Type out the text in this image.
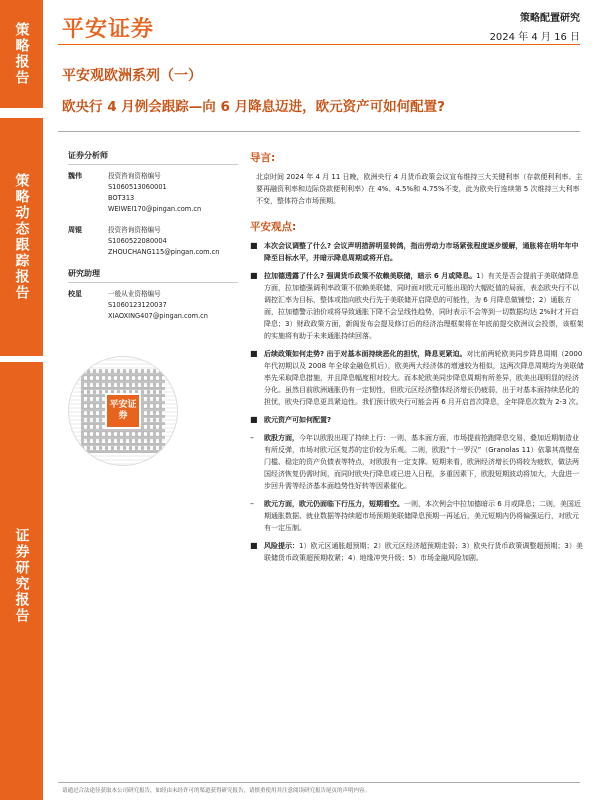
策略报告
策略动态跟踪报告
证券研究报告
平安证券	策略配置研究
2024 年 4 月 16 日
平安观欧洲系列（一）
欧央行 4 月例会跟踪—向 6 月降息迈进，欧元资产可如何配置?
证券分析师
魏伟	投资咨询资格编号
S1060513060001
BOT313
WEIWEI170@pingan.com.cn
周锟	投资咨询资格编号
S1060522080004
ZHOUCHANG115@pingan.com.cn
研究助理
校星	一般从业资格编号
S1060123120037
XIAOXING407@pingan.com.cn
平安证券
导言:
北京时间 2024 年 4 月 11 日晚，欧洲央行 4 月货币政策会议宣布维持三大关键利率（存款便利利率、主要再融资利率和边际贷款便利利率）在 4%、4.5%和 4.75%不变，此为欧央行连续第 5 次维持三大利率不变，整体符合市场预期。
平安观点:
■ 本次会议调整了什么? 会议声明措辞明显转鸽，指出劳动力市场紧张程度逐步缓解，通胀将在明年年中降至目标水平，并暗示降息周期或将开启。
■ 拉加德透露了什么? 强调货币政策不依赖美联储，暗示 6 月或降息。1）有关是否会提前于美联储降息方面，拉加德强调利率政策不依赖美联储，同时面对欧元可能出现的大幅贬值的局面，表态欧央行不以调控汇率为目标，整体或指向欧央行先于美联储开启降息的可能性，为 6 月降息做铺垫；2）通胀方面，拉加德警示油价或将导致通胀下降不会呈线性趋势，同时表示不会等到一切数据均达 2%时才开启降息；3）财政政策方面，新阁发布会提及修订后的经济治理框架将在年底前提交欧洲议会投票，该框架的实施将有助于未来通胀持续回落。
■ 后续政策如何走势? 出于对基本面持续恶化的担忧，降息更紧迫。对比前两轮欧美同步降息周期（2000 年代初期以及 2008 年全球金融危机后），欧美两大经济体的增速较为相似，这两次降息周期均为美联储率先采取降息措施，并且降息幅度相对较大。而本轮欧美同步降息周期有所差异，欧美出现明显的经济分化。虽然目前欧洲通胀仍有一定韧性，但欧元区经济整体经济增长仍疲弱，出于对基本面持续恶化的担忧，欧央行降息更具紧迫性。我们预计欧央行可能会再 6 月开启首次降息，全年降息次数为 2-3 次。
■ 欧元资产可如何配置?
–	欧股方面，今年以欧股出现了持续上行：一则，基本面方面，市场提前抢跑降息交易，叠加近期制造业有所反弹，市场对欧元区复苏的定价较为乐观。二则，欧股“十一罗汉”（Granolas 11）依靠其高壁垒门槛、稳定的资产负债表等特点，对欧股有一定支撑。短期来看，欧洲经济增长仍将较为疲软，做法两国经济恢复仍需时间，而同时欧央行降息或已进入日程，多重因素下，欧股短期波动将加大，大盘进一步回升需等经济基本面趋势性好转等因素催化。
–	欧元方面，欧元仍面临下行压力，短期看空。一则，本次例会中拉加德暗示 6 月或降息；二则，美国近期通胀数据、就业数据等持续超市场预期美联储降息预期一再延后，美元短期内仍将偏强运行，对欧元有一定压制。
■ 风险提示：1）欧元区通胀超预期；2）欧元区经济超预期走弱；3）欧央行货币政策调整超预期；3）美联储货币政策超预期收紧；4）地缘冲突升级；5）市场金融风险加剧。
请通过合法途径获取本公司研究报告，如经由未经许可的渠道获得研究报告，请慎重使用并注意阅读研究报告尾页的声明内容。
